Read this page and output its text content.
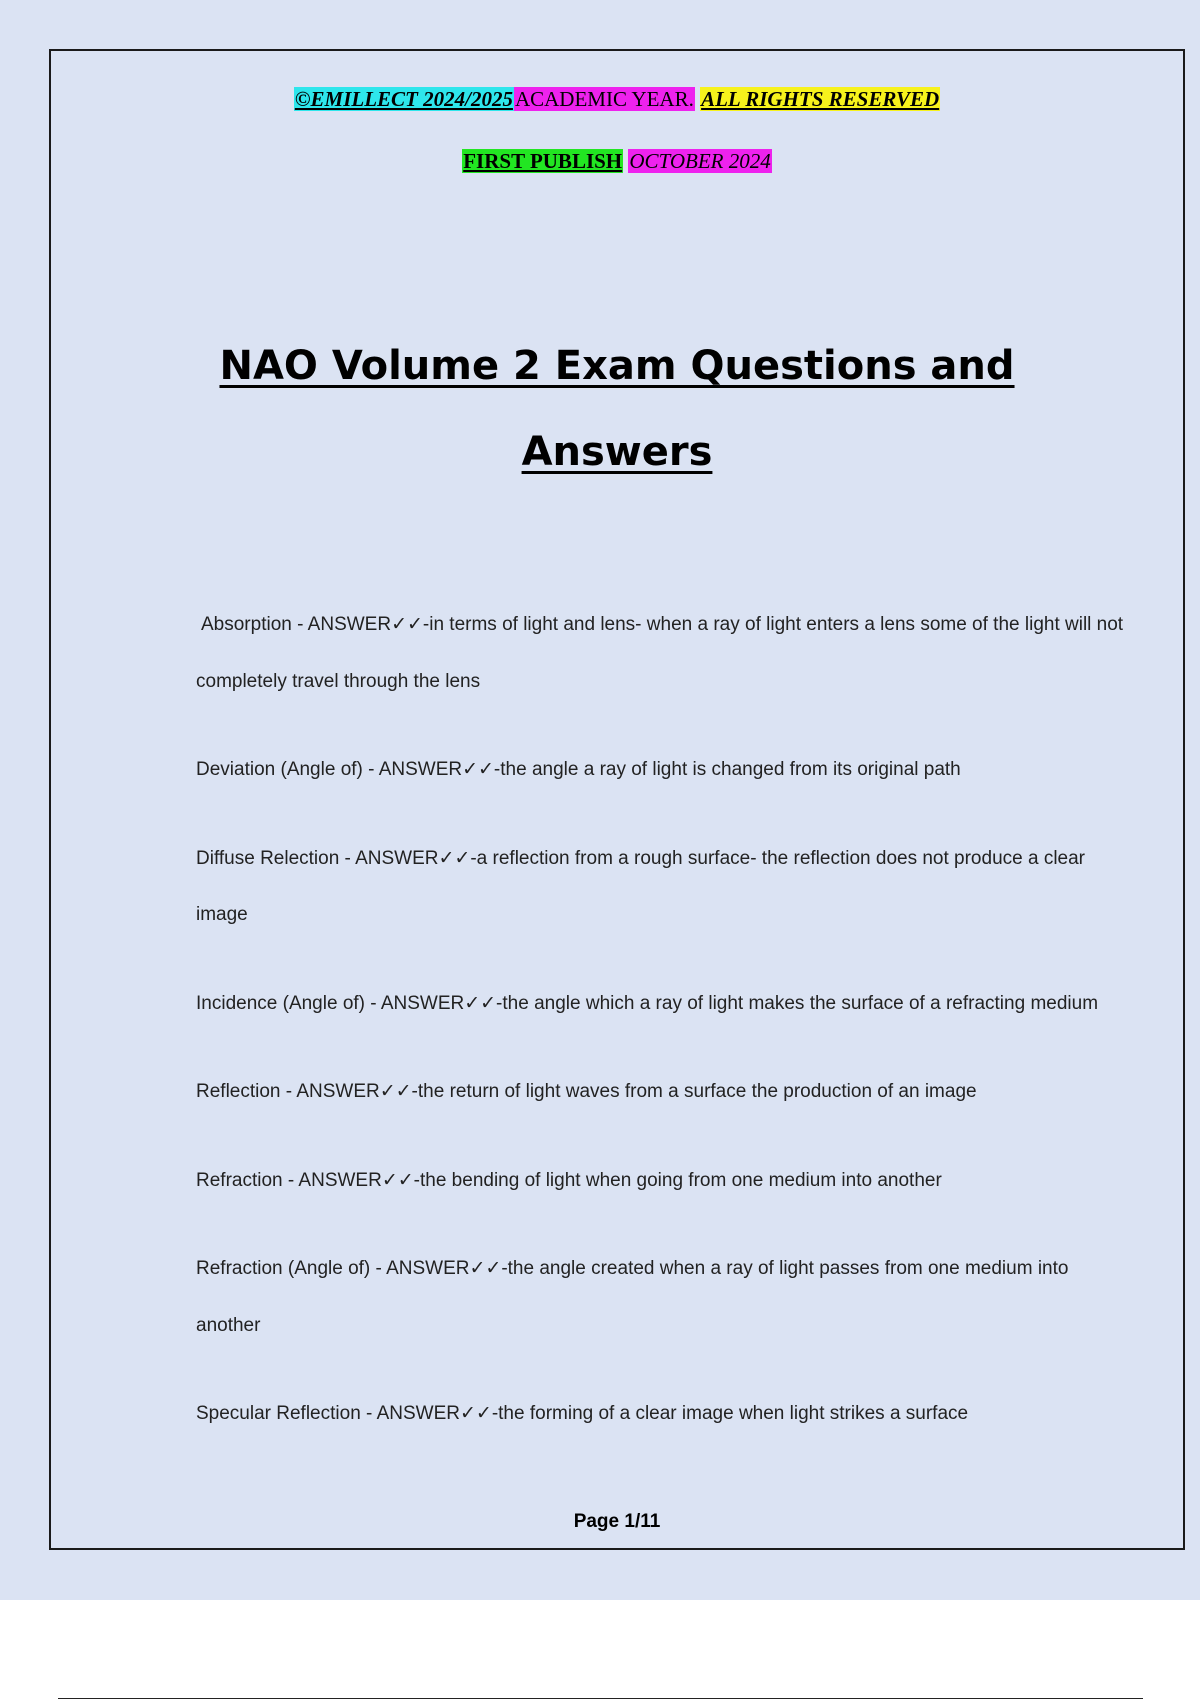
©EMILLECT 2024/2025ACADEMIC YEAR. ALL RIGHTS RESERVED
FIRST PUBLISH OCTOBER 2024
NAO Volume 2 Exam Questions and
Answers
Absorption - ANSWER✓✓-in terms of light and lens- when a ray of light enters a lens some of the light will not completely travel through the lens
Deviation (Angle of) - ANSWER✓✓-the angle a ray of light is changed from its original path
Diffuse Relection - ANSWER✓✓-a reflection from a rough surface- the reflection does not produce a clear image
Incidence (Angle of) - ANSWER✓✓-the angle which a ray of light makes the surface of a refracting medium
Reflection - ANSWER✓✓-the return of light waves from a surface the production of an image
Refraction - ANSWER✓✓-the bending of light when going from one medium into another
Refraction (Angle of) - ANSWER✓✓-the angle created when a ray of light passes from one medium into another
Specular Reflection - ANSWER✓✓-the forming of a clear image when light strikes a surface
Page 1/11
